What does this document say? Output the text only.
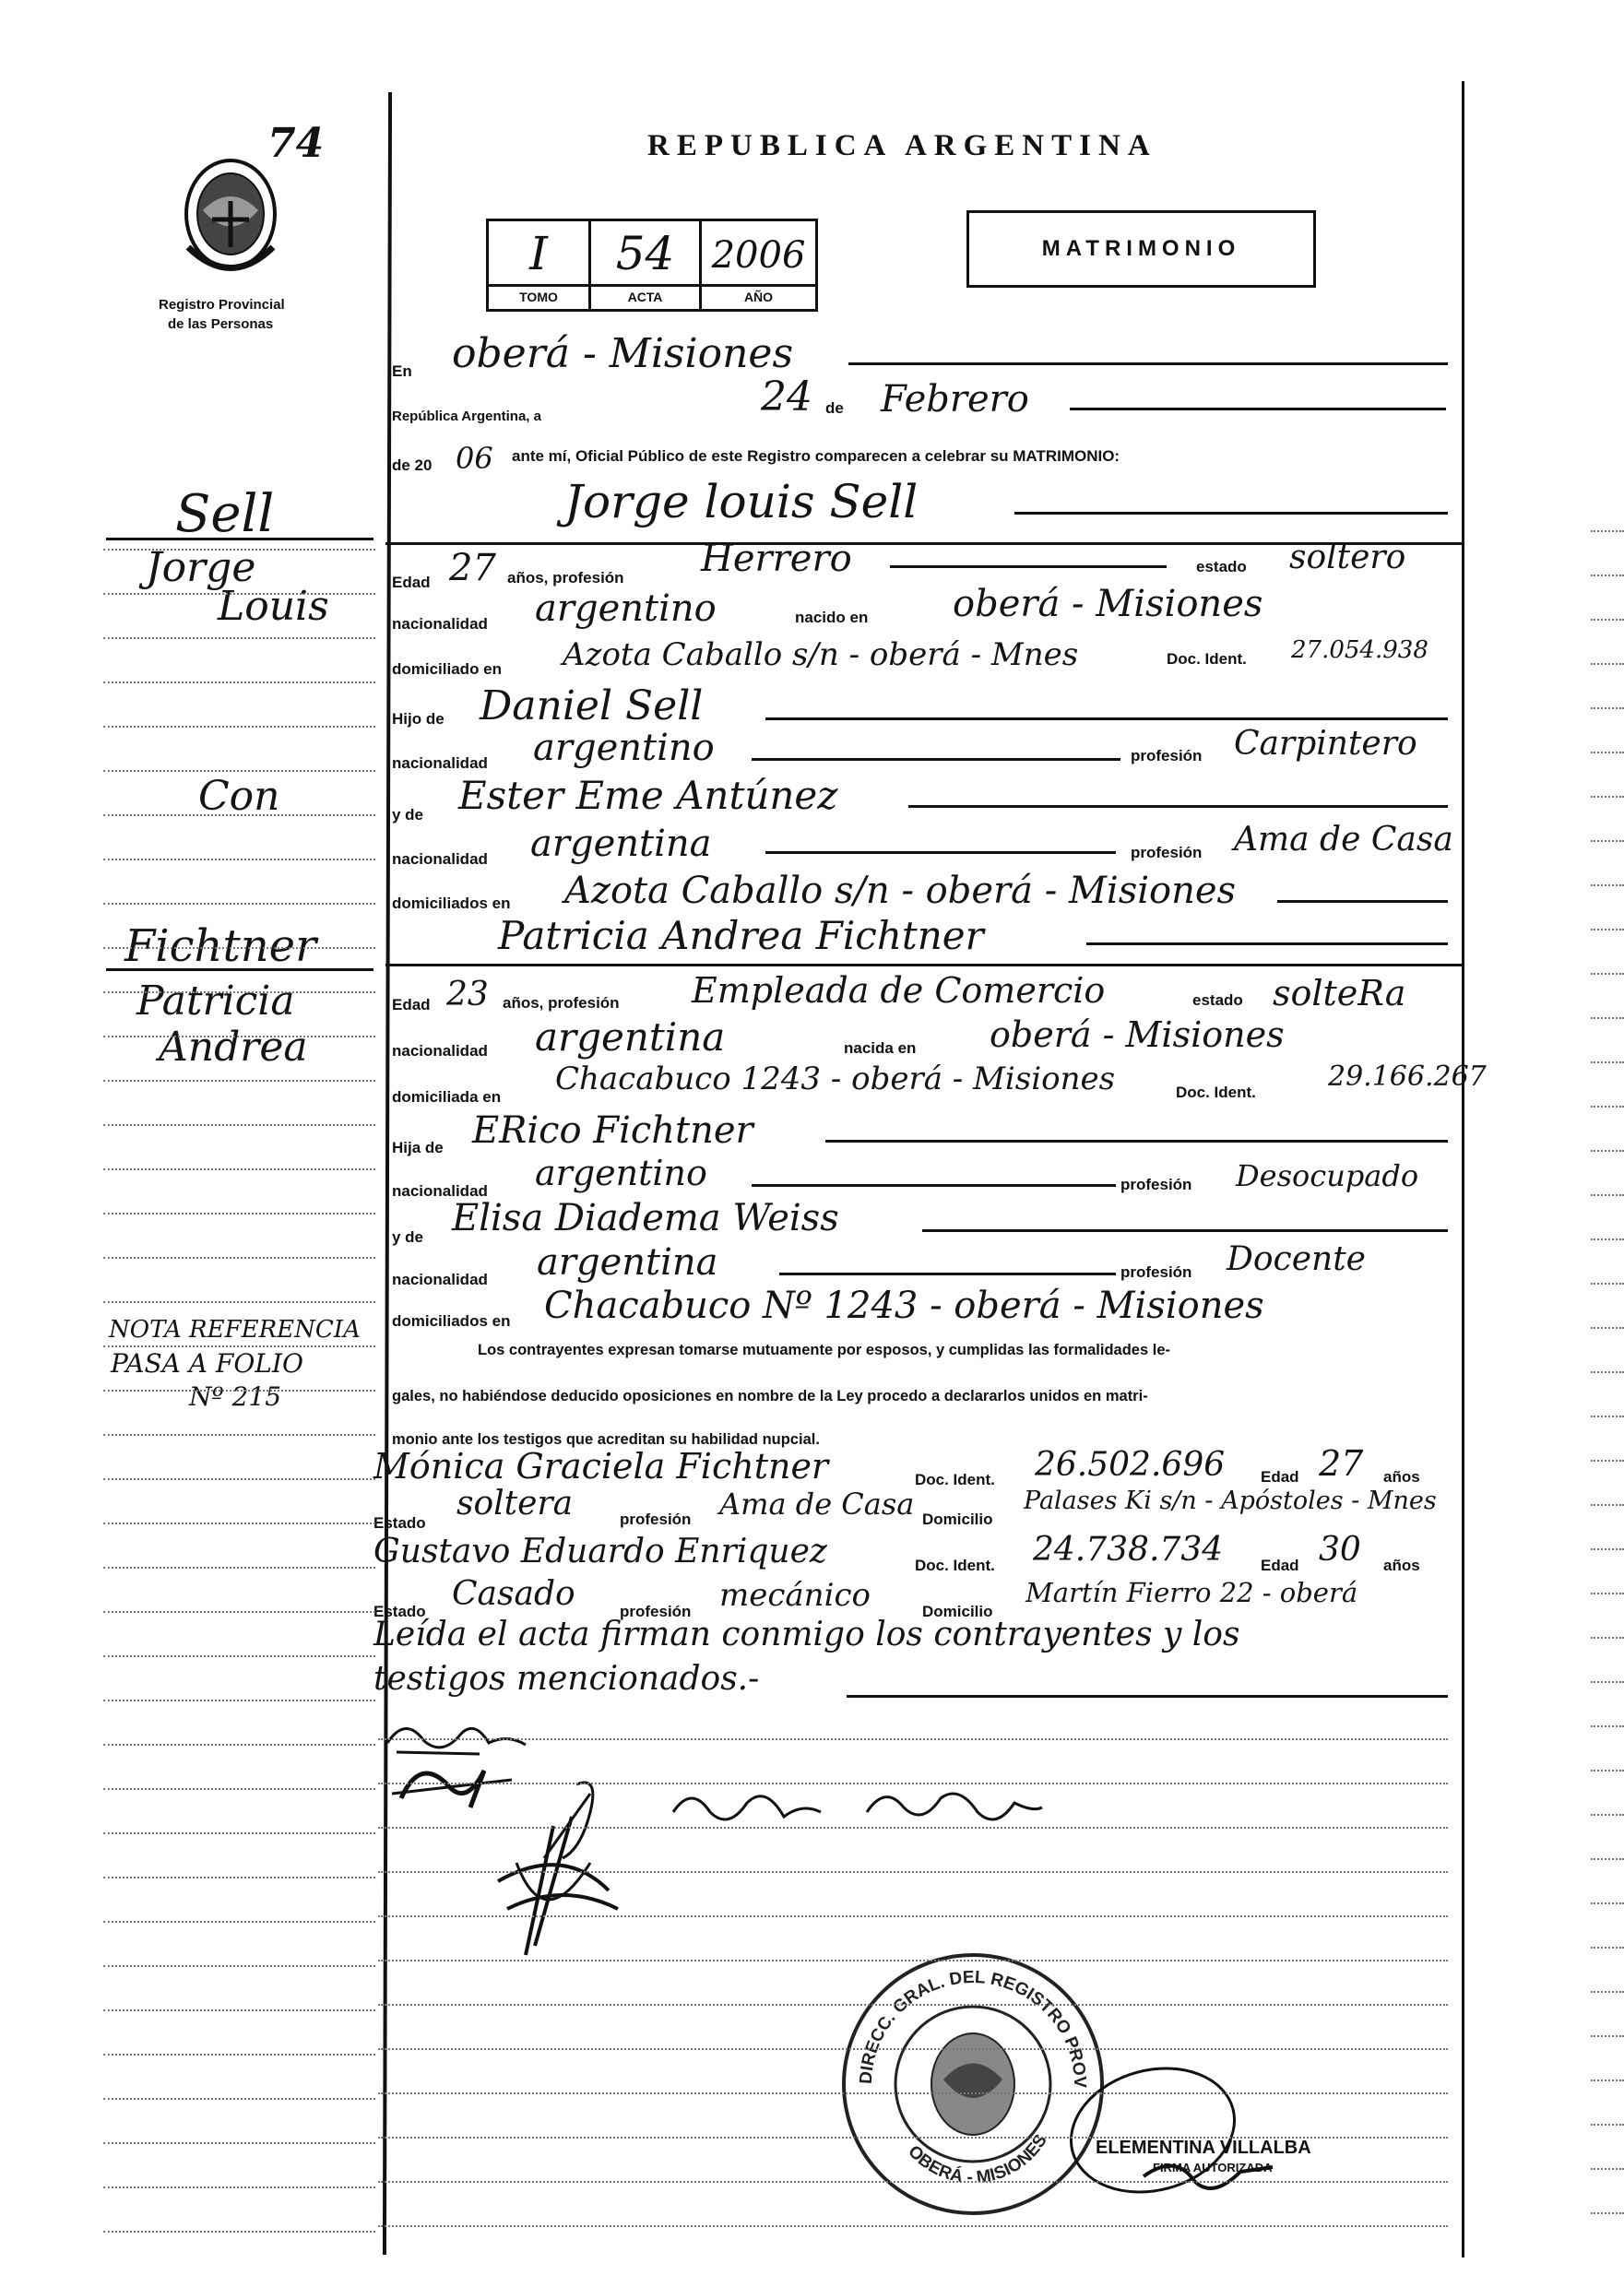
74
Registro Provincial
de las Personas
REPUBLICA ARGENTINA
I
TOMO
54
ACTA
2006
AÑO
MATRIMONIO
Sell
Jorge
Louis
Con
Fichtner
Patricia
Andrea
NOTA REFERENCIA
PASA A FOLIO
Nº 215
En oberá - Misiones
República Argentina, a	24 de Febrero
de 20 06 ante mí, Oficial Público de este Registro comparecen a celebrar su MATRIMONIO:
Jorge louis Sell
Edad 27 años, profesión Herrero	estado soltero
nacionalidad argentino	nacido en oberá - Misiones
domiciliado en Azota Caballo s/n - oberá - Mnes	Doc. Ident. 27.054.938
Hijo de Daniel Sell
nacionalidad argentino	profesión Carpintero
y de Ester Eme Antúnez
nacionalidad argentina	profesión Ama de Casa
domiciliados en Azota Caballo s/n - oberá - Misiones
Patricia Andrea Fichtner
Edad 23 años, profesión Empleada de Comercio	estado solteRa
nacionalidad argentina	nacida en oberá - Misiones
domiciliada en Chacabuco 1243 - oberá - Misiones	Doc. Ident.	29.166.267
Hija de ERico Fichtner
nacionalidad argentino	profesión Desocupado
y de Elisa Diadema Weiss
nacionalidad argentina	profesión Docente
domiciliados en Chacabuco Nº 1243 - oberá - Misiones
Los contrayentes expresan tomarse mutuamente por esposos, y cumplidas las formalidades le-
gales, no habiéndose deducido oposiciones en nombre de la Ley procedo a declararlos unidos en matri-
monio ante los testigos que acreditan su habilidad nupcial.
Mónica Graciela Fichtner	Doc. Ident. 26.502.696 Edad 27 años
Estado
soltera	profesión Ama de Casa Domicilio
Palases Ki s/n - Apóstoles - Mnes
Gustavo Eduardo Enriquez	Doc. Ident. 24.738.734 Edad 30 años
Estado Casado	profesión mecánico	Domicilio
Martín Fierro 22 - oberá
Leída el acta firman conmigo los contrayentes y los
testigos mencionados.-
DIRECC. GRAL. DEL REGISTRO PROVINCIAL DE LAS PERSONAS
OBERÁ - MISIONES ELEMENTINA VILLALBA
FIRMA AUTORIZADA
